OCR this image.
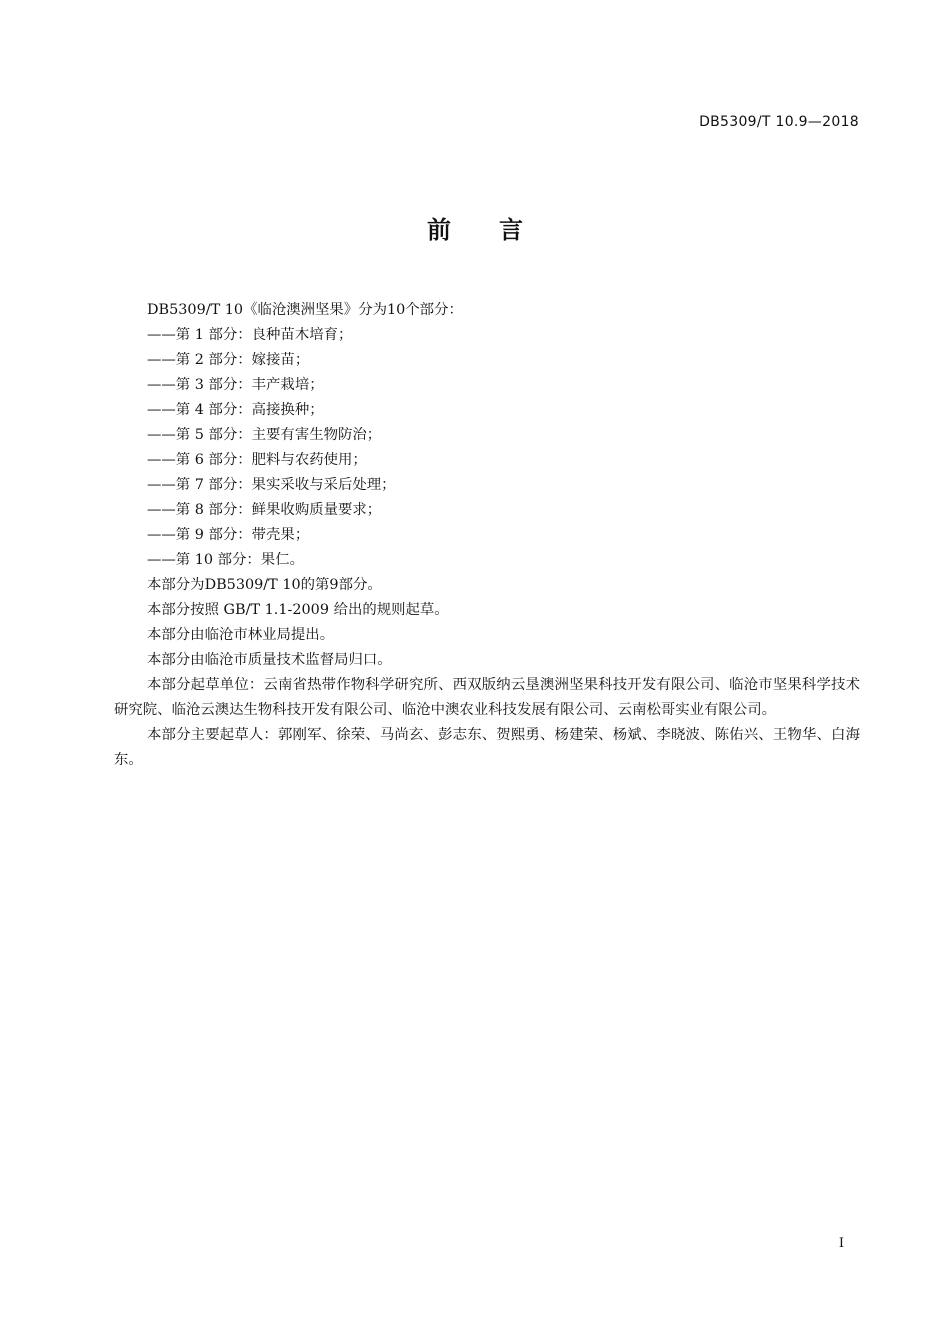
DB5309/T 10.9—2018
前 言

DB5309/T 10《临沧澳洲坚果》分为10个部分：

——第 1 部分：良种苗木培育；

——第 2 部分：嫁接苗；

——第 3 部分：丰产栽培；

——第 4 部分：高接换种；

——第 5 部分：主要有害生物防治；

——第 6 部分：肥料与农药使用；

——第 7 部分：果实采收与采后处理；

——第 8 部分：鲜果收购质量要求；

——第 9 部分：带壳果；

——第 10 部分：果仁。

本部分为DB5309/T 10的第9部分。

本部分按照 GB/T 1.1-2009 给出的规则起草。

本部分由临沧市林业局提出。

本部分由临沧市质量技术监督局归口。

本部分起草单位：云南省热带作物科学研究所、西双版纳云垦澳洲坚果科技开发有限公司、临沧市坚果科学技术研究院、临沧云澳达生物科技开发有限公司、临沧中澳农业科技发展有限公司、云南松哥实业有限公司。

本部分主要起草人：郭刚军、徐荣、马尚玄、彭志东、贺熙勇、杨建荣、杨斌、李晓波、陈佑兴、王物华、白海东。

I
